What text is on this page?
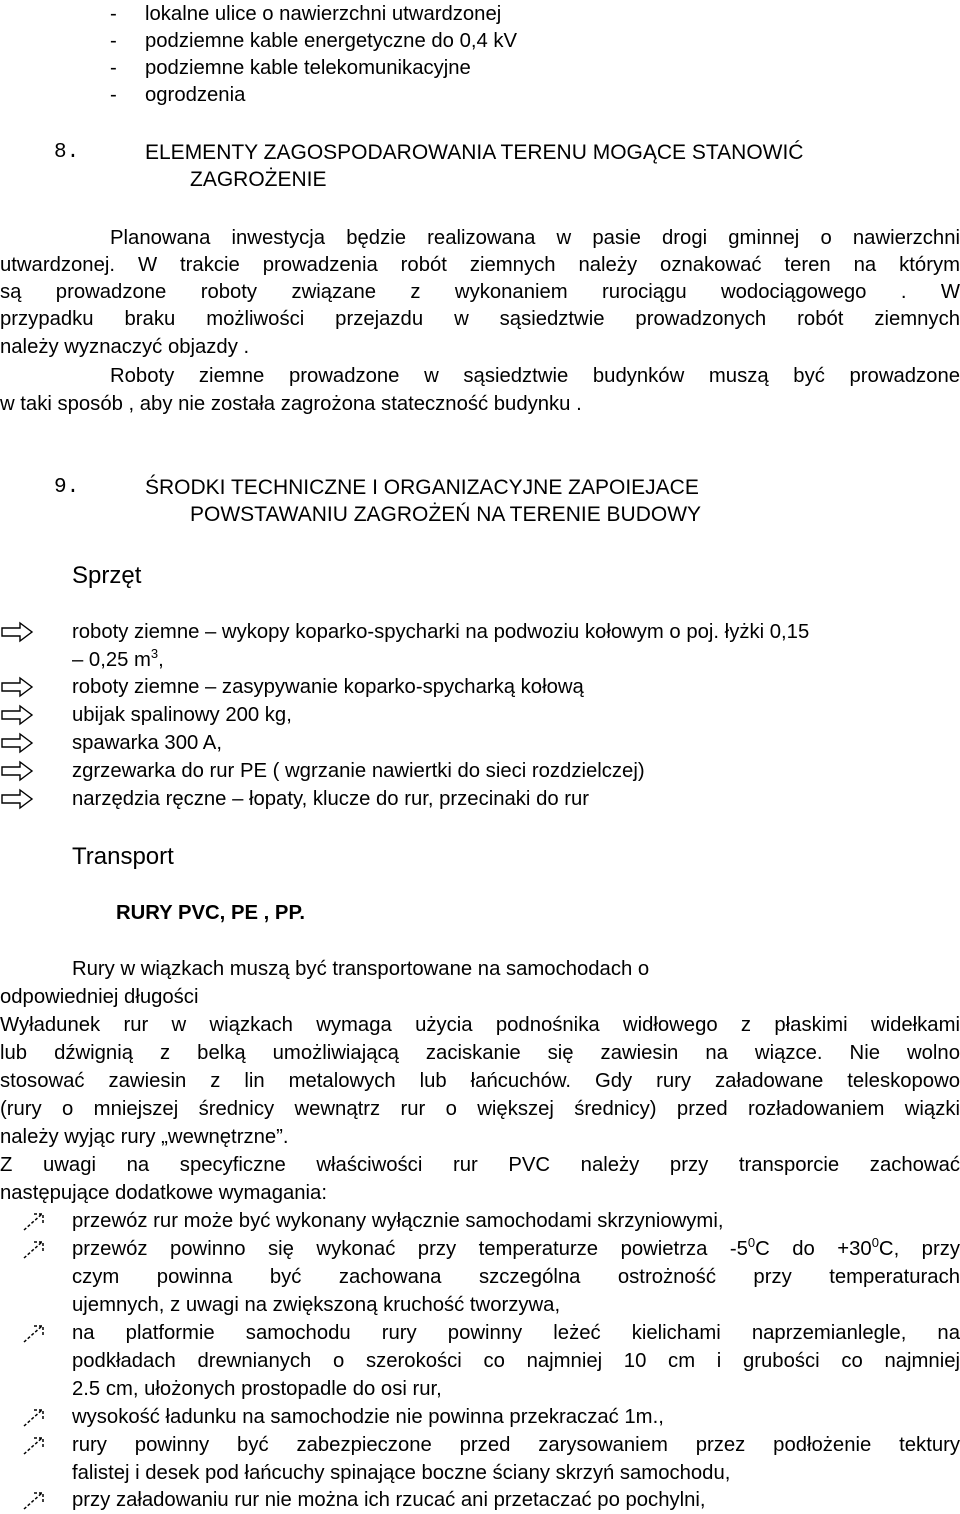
- lokalne ulice o nawierzchni utwardzonej
- podziemne kable energetyczne do 0,4 kV
- podziemne kable telekomunikacyjne
- ogrodzenia
8.	ELEMENTY ZAGOSPODAROWANIA TERENU MOGĄCE STANOWIĆ
ZAGROŻENIE
Planowana inwestycja będzie realizowana w pasie drogi gminnej o nawierzchni
utwardzonej. W trakcie prowadzenia robót ziemnych należy oznakować teren na którym
są prowadzone roboty związane z wykonaniem rurociągu wodociągowego . W
przypadku braku możliwości przejazdu w sąsiedztwie prowadzonych robót ziemnych
należy wyznaczyć objazdy .
Roboty ziemne prowadzone w sąsiedztwie budynków muszą być prowadzone
w taki sposób , aby nie została zagrożona stateczność budynku .
9.	ŚRODKI TECHNICZNE I ORGANIZACYJNE ZAPOIEJACE
POWSTAWANIU ZAGROŻEŃ NA TERENIE BUDOWY
Sprzęt
roboty ziemne – wykopy koparko-spycharki na podwoziu kołowym o poj. łyżki 0,15
– 0,25 $m^3$,
roboty ziemne – zasypywanie koparko-spycharką kołową
ubijak spalinowy 200 kg,
spawarka 300 A,
zgrzewarka do rur PE ( wgrzanie nawiertki do sieci rozdzielczej)
narzędzia ręczne – łopaty, klucze do rur, przecinaki do rur
Transport
RURY PVC, PE , PP.
Rury w wiązkach muszą być transportowane na samochodach o
odpowiedniej długości
Wyładunek rur w wiązkach wymaga użycia podnośnika widłowego z płaskimi widełkami
lub dźwignią z belką umożliwiającą zaciskanie się zawiesin na wiązce. Nie wolno
stosować zawiesin z lin metalowych lub łańcuchów. Gdy rury załadowane teleskopowo
(rury o mniejszej średnicy wewnątrz rur o większej średnicy) przed rozładowaniem wiązki
należy wyjąc rury „wewnętrzne”.
Z uwagi na specyficzne właściwości rur PVC należy przy transporcie zachować
następujące dodatkowe wymagania:
przewóz rur może być wykonany wyłącznie samochodami skrzyniowymi,
przewóz powinno się wykonać przy temperaturze powietrza $-5^0C$ do $+30^0C$, przy
czym powinna być zachowana szczególna ostrożność przy temperaturach
ujemnych, z uwagi na zwiększoną kruchość tworzywa,
na platformie samochodu rury powinny leżeć kielichami naprzemianlegle, na
podkładach drewnianych o szerokości co najmniej 10 cm i grubości co najmniej
2.5 cm, ułożonych prostopadle do osi rur,
wysokość ładunku na samochodzie nie powinna przekraczać 1m.,
rury powinny być zabezpieczone przed zarysowaniem przez podłożenie tektury
falistej i desek pod łańcuchy spinające boczne ściany skrzyń samochodu,
przy załadowaniu rur nie można ich rzucać ani przetaczać po pochylni,
